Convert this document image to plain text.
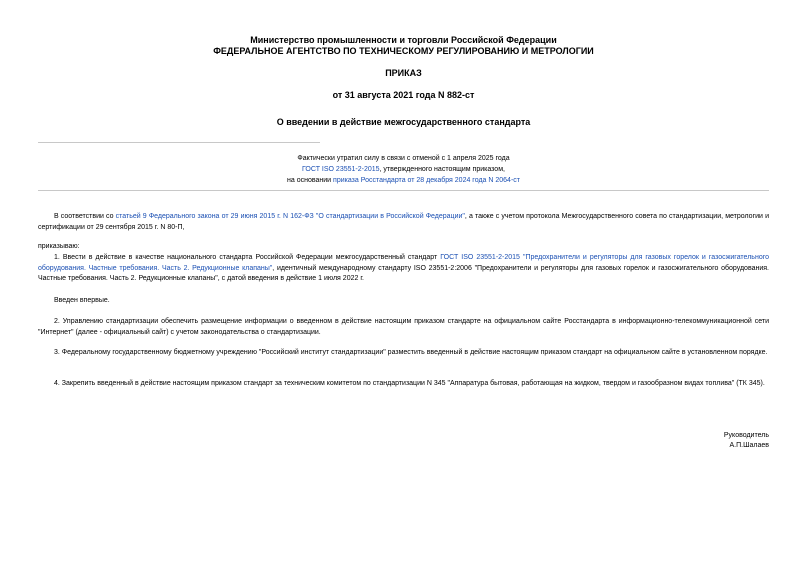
Министерство промышленности и торговли Российской Федерации
ФЕДЕРАЛЬНОЕ АГЕНТСТВО ПО ТЕХНИЧЕСКОМУ РЕГУЛИРОВАНИЮ И МЕТРОЛОГИИ
ПРИКАЗ
от 31 августа 2021 года N 882-ст
О введении в действие межгосударственного стандарта
Фактически утратил силу в связи с отменой с 1 апреля 2025 года
ГОСТ ISO 23551-2-2015, утвержденного настоящим приказом,
на основании приказа Росстандарта от 28 декабря 2024 года N 2064-ст
В соответствии со статьей 9 Федерального закона от 29 июня 2015 г. N 162-ФЗ "О стандартизации в Российской Федерации", а также с учетом протокола Межгосударственного совета по стандартизации, метрологии и сертификации от 29 сентября 2015 г. N 80-П,
приказываю:
1. Ввести в действие в качестве национального стандарта Российской Федерации межгосударственный стандарт ГОСТ ISO 23551-2-2015 "Предохранители и регуляторы для газовых горелок и газосжигательного оборудования. Частные требования. Часть 2. Редукционные клапаны", идентичный международному стандарту ISO 23551-2:2006 "Предохранители и регуляторы для газовых горелок и газосжигательного оборудования. Частные требования. Часть 2. Редукционные клапаны", с датой введения в действие 1 июля 2022 г.
Введен впервые.
2. Управлению стандартизации обеспечить размещение информации о введенном в действие настоящим приказом стандарте на официальном сайте Росстандарта в информационно-телекоммуникационной сети "Интернет" (далее - официальный сайт) с учетом законодательства о стандартизации.
3. Федеральному государственному бюджетному учреждению "Российский институт стандартизации" разместить введенный в действие настоящим приказом стандарт на официальном сайте в установленном порядке.
4. Закрепить введенный в действие настоящим приказом стандарт за техническим комитетом по стандартизации N 345 "Аппаратура бытовая, работающая на жидком, твердом и газообразном видах топлива" (ТК 345).
Руководитель
А.П.Шалаев
